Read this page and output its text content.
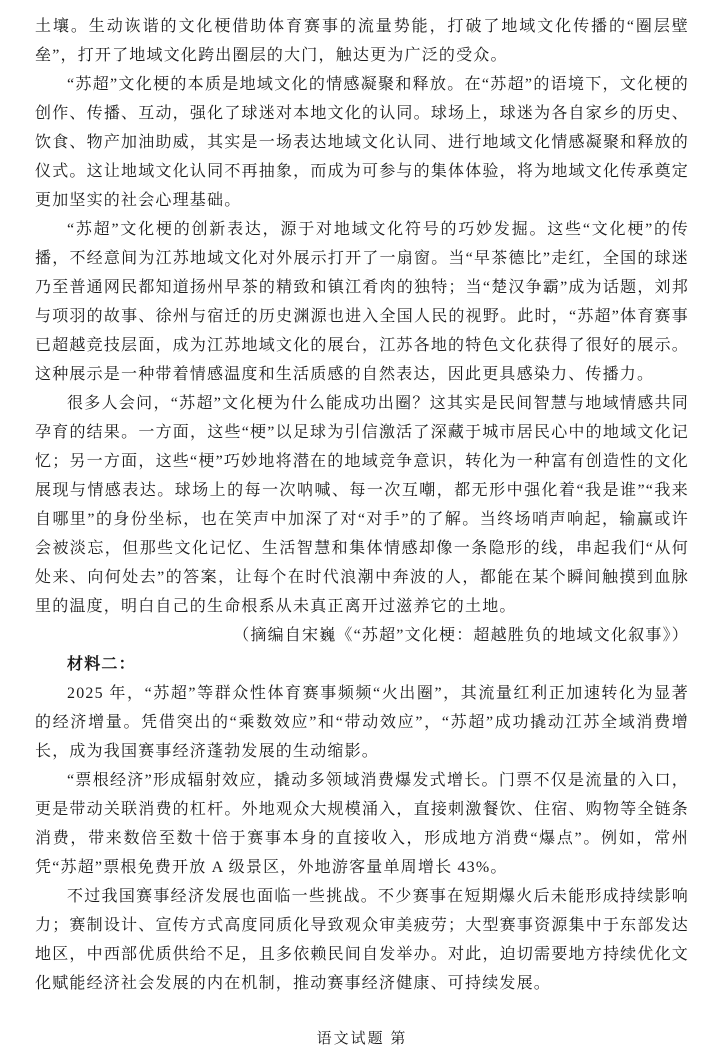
土壤。生动诙谐的文化梗借助体育赛事的流量势能，打破了地域文化传播的“圈层壁垒”，打开了地域文化跨出圈层的大门，触达更为广泛的受众。

“苏超”文化梗的本质是地域文化的情感凝聚和释放。在“苏超”的语境下，文化梗的创作、传播、互动，强化了球迷对本地文化的认同。球场上，球迷为各自家乡的历史、饮食、物产加油助威，其实是一场表达地域文化认同、进行地域文化情感凝聚和释放的仪式。这让地域文化认同不再抽象，而成为可参与的集体体验，将为地域文化传承奠定更加坚实的社会心理基础。

“苏超”文化梗的创新表达，源于对地域文化符号的巧妙发掘。这些“文化梗”的传播，不经意间为江苏地域文化对外展示打开了一扇窗。当“早茶德比”走红，全国的球迷乃至普通网民都知道扬州早茶的精致和镇江肴肉的独特；当“楚汉争霸”成为话题，刘邦与项羽的故事、徐州与宿迁的历史渊源也进入全国人民的视野。此时，“苏超”体育赛事已超越竞技层面，成为江苏地域文化的展台，江苏各地的特色文化获得了很好的展示。这种展示是一种带着情感温度和生活质感的自然表达，因此更具感染力、传播力。

很多人会问，“苏超”文化梗为什么能成功出圈？这其实是民间智慧与地域情感共同孕育的结果。一方面，这些“梗”以足球为引信激活了深藏于城市居民心中的地域文化记忆；另一方面，这些“梗”巧妙地将潜在的地域竞争意识，转化为一种富有创造性的文化展现与情感表达。球场上的每一次呐喊、每一次互嘲，都无形中强化着“我是谁”“我来自哪里”的身份坐标，也在笑声中加深了对“对手”的了解。当终场哨声响起，输赢或许会被淡忘，但那些文化记忆、生活智慧和集体情感却像一条隐形的线，串起我们“从何处来、向何处去”的答案，让每个在时代浪潮中奔波的人，都能在某个瞬间触摸到血脉里的温度，明白自己的生命根系从未真正离开过滋养它的土地。

（摘编自宋巍《“苏超”文化梗：超越胜负的地域文化叙事》）

材料二：

2025 年，“苏超”等群众性体育赛事频频“火出圈”，其流量红利正加速转化为显著的经济增量。凭借突出的“乘数效应”和“带动效应”，“苏超”成功撬动江苏全域消费增长，成为我国赛事经济蓬勃发展的生动缩影。

“票根经济”形成辐射效应，撬动多领域消费爆发式增长。门票不仅是流量的入口，更是带动关联消费的杠杆。外地观众大规模涌入，直接刺激餐饮、住宿、购物等全链条消费，带来数倍至数十倍于赛事本身的直接收入，形成地方消费“爆点”。例如，常州凭“苏超”票根免费开放 A 级景区，外地游客量单周增长 43%。

不过我国赛事经济发展也面临一些挑战。不少赛事在短期爆火后未能形成持续影响力；赛制设计、宣传方式高度同质化导致观众审美疲劳；大型赛事资源集中于东部发达地区，中西部优质供给不足，且多依赖民间自发举办。对此，迫切需要地方持续优化文化赋能经济社会发展的内在机制，推动赛事经济健康、可持续发展。

语文试题 第
